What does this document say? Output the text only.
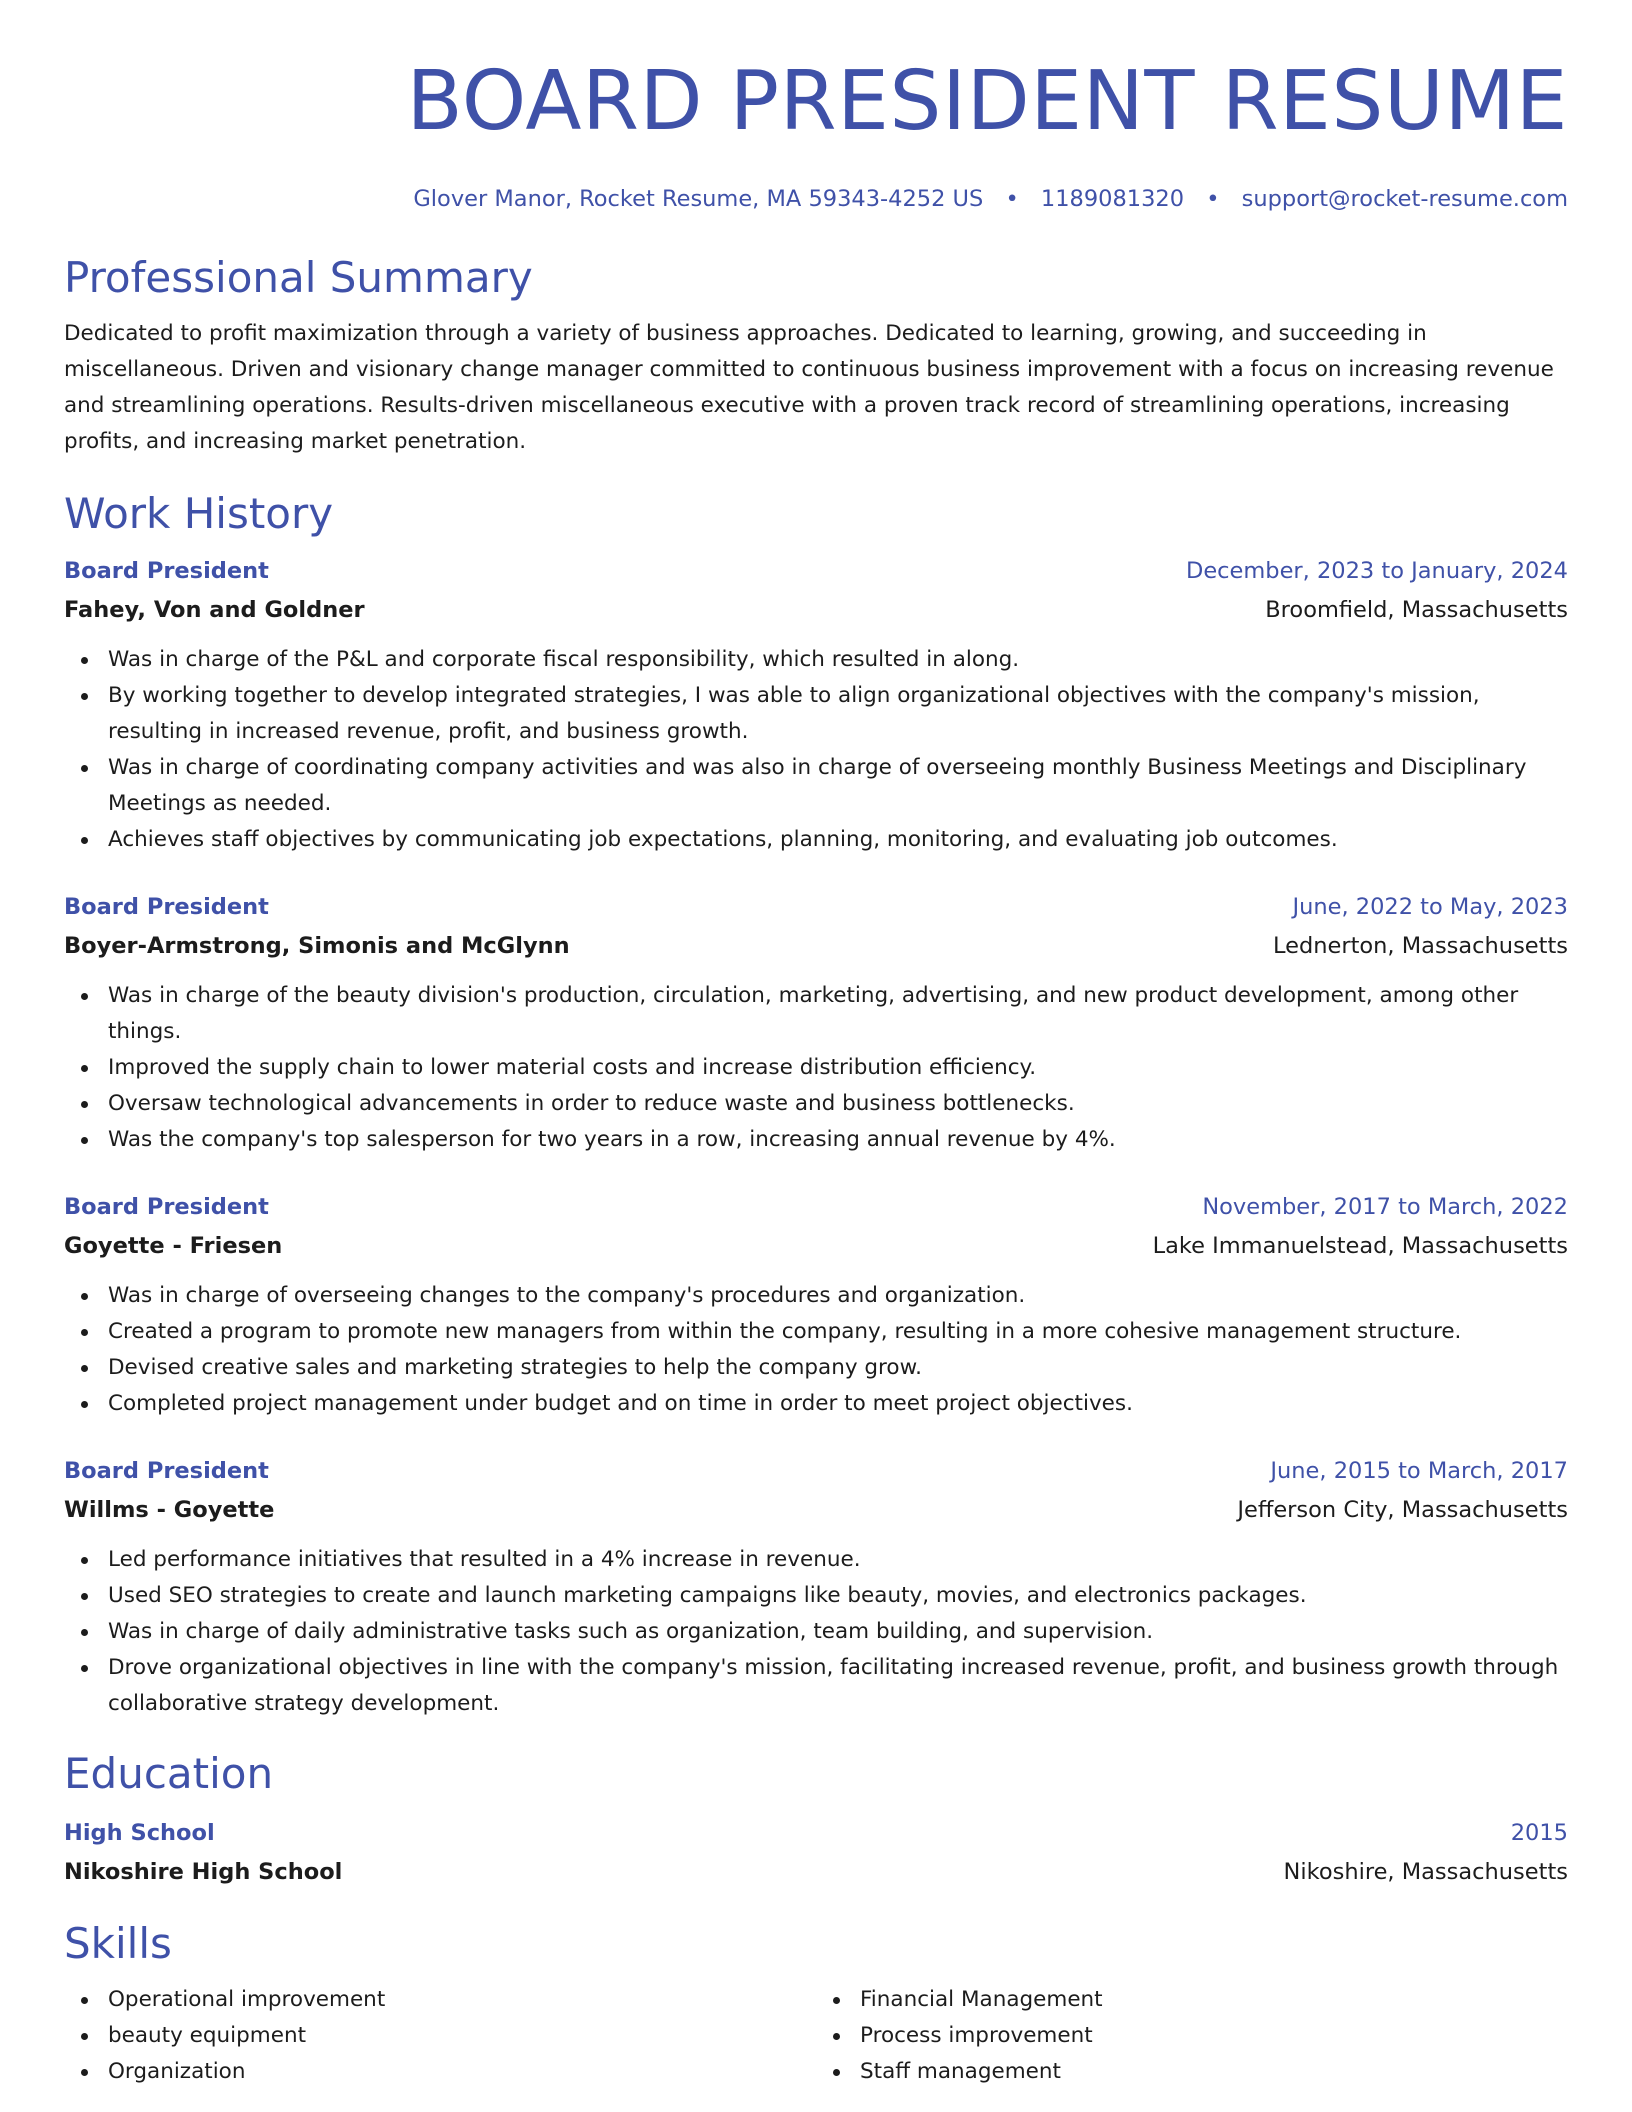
BOARD PRESIDENT RESUME
Glover Manor, Rocket Resume, MA 59343-4252 US • 1189081320 • support@rocket-resume.com
Professional Summary
Dedicated to profit maximization through a variety of business approaches. Dedicated to learning, growing, and succeeding in miscellaneous. Driven and visionary change manager committed to continuous business improvement with a focus on increasing revenue and streamlining operations. Results-driven miscellaneous executive with a proven track record of streamlining operations, increasing profits, and increasing market penetration.
Work History
Board President	December, 2023 to January, 2024
Fahey, Von and Goldner	Broomfield, Massachusetts
Was in charge of the P&L and corporate fiscal responsibility, which resulted in along.
By working together to develop integrated strategies, I was able to align organizational objectives with the company's mission, resulting in increased revenue, profit, and business growth.
Was in charge of coordinating company activities and was also in charge of overseeing monthly Business Meetings and Disciplinary Meetings as needed.
Achieves staff objectives by communicating job expectations, planning, monitoring, and evaluating job outcomes.
Board President	June, 2022 to May, 2023
Boyer-Armstrong, Simonis and McGlynn	Lednerton, Massachusetts
Was in charge of the beauty division's production, circulation, marketing, advertising, and new product development, among other things.
Improved the supply chain to lower material costs and increase distribution efficiency.
Oversaw technological advancements in order to reduce waste and business bottlenecks.
Was the company's top salesperson for two years in a row, increasing annual revenue by 4%.
Board President	November, 2017 to March, 2022
Goyette - Friesen	Lake Immanuelstead, Massachusetts
Was in charge of overseeing changes to the company's procedures and organization.
Created a program to promote new managers from within the company, resulting in a more cohesive management structure.
Devised creative sales and marketing strategies to help the company grow.
Completed project management under budget and on time in order to meet project objectives.
Board President	June, 2015 to March, 2017
Willms - Goyette	Jefferson City, Massachusetts
Led performance initiatives that resulted in a 4% increase in revenue.
Used SEO strategies to create and launch marketing campaigns like beauty, movies, and electronics packages.
Was in charge of daily administrative tasks such as organization, team building, and supervision.
Drove organizational objectives in line with the company's mission, facilitating increased revenue, profit, and business growth through collaborative strategy development.
Education
High School	2015
Nikoshire High School	Nikoshire, Massachusetts
Skills
Operational improvement
beauty equipment
Organization
Financial Management
Process improvement
Staff management
